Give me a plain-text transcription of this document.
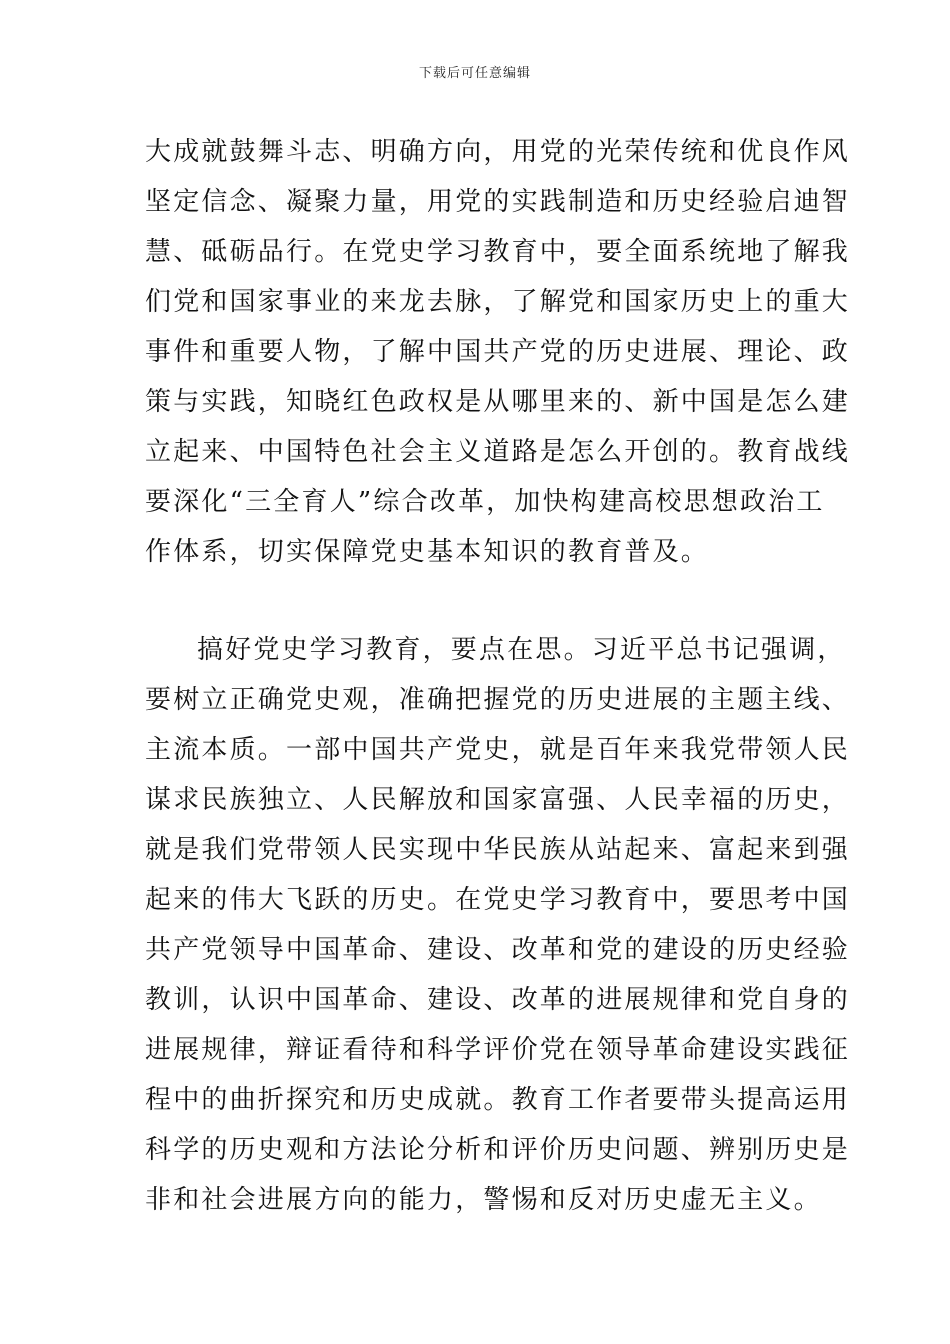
下载后可任意编辑
大成就鼓舞斗志、明确方向，用党的光荣传统和优良作风
坚定信念、凝聚力量，用党的实践制造和历史经验启迪智
慧、砥砺品行。在党史学习教育中，要全面系统地了解我
们党和国家事业的来龙去脉，了解党和国家历史上的重大
事件和重要人物，了解中国共产党的历史进展、理论、政
策与实践，知晓红色政权是从哪里来的、新中国是怎么建
立起来、中国特色社会主义道路是怎么开创的。教育战线
要深化“三全育人”综合改革，加快构建高校思想政治工
作体系，切实保障党史基本知识的教育普及。
搞好党史学习教育，要点在思。习近平总书记强调，
要树立正确党史观，准确把握党的历史进展的主题主线、
主流本质。一部中国共产党史，就是百年来我党带领人民
谋求民族独立、人民解放和国家富强、人民幸福的历史，
就是我们党带领人民实现中华民族从站起来、富起来到强
起来的伟大飞跃的历史。在党史学习教育中，要思考中国
共产党领导中国革命、建设、改革和党的建设的历史经验
教训，认识中国革命、建设、改革的进展规律和党自身的
进展规律，辩证看待和科学评价党在领导革命建设实践征
程中的曲折探究和历史成就。教育工作者要带头提高运用
科学的历史观和方法论分析和评价历史问题、辨别历史是
非和社会进展方向的能力，警惕和反对历史虚无主义。
